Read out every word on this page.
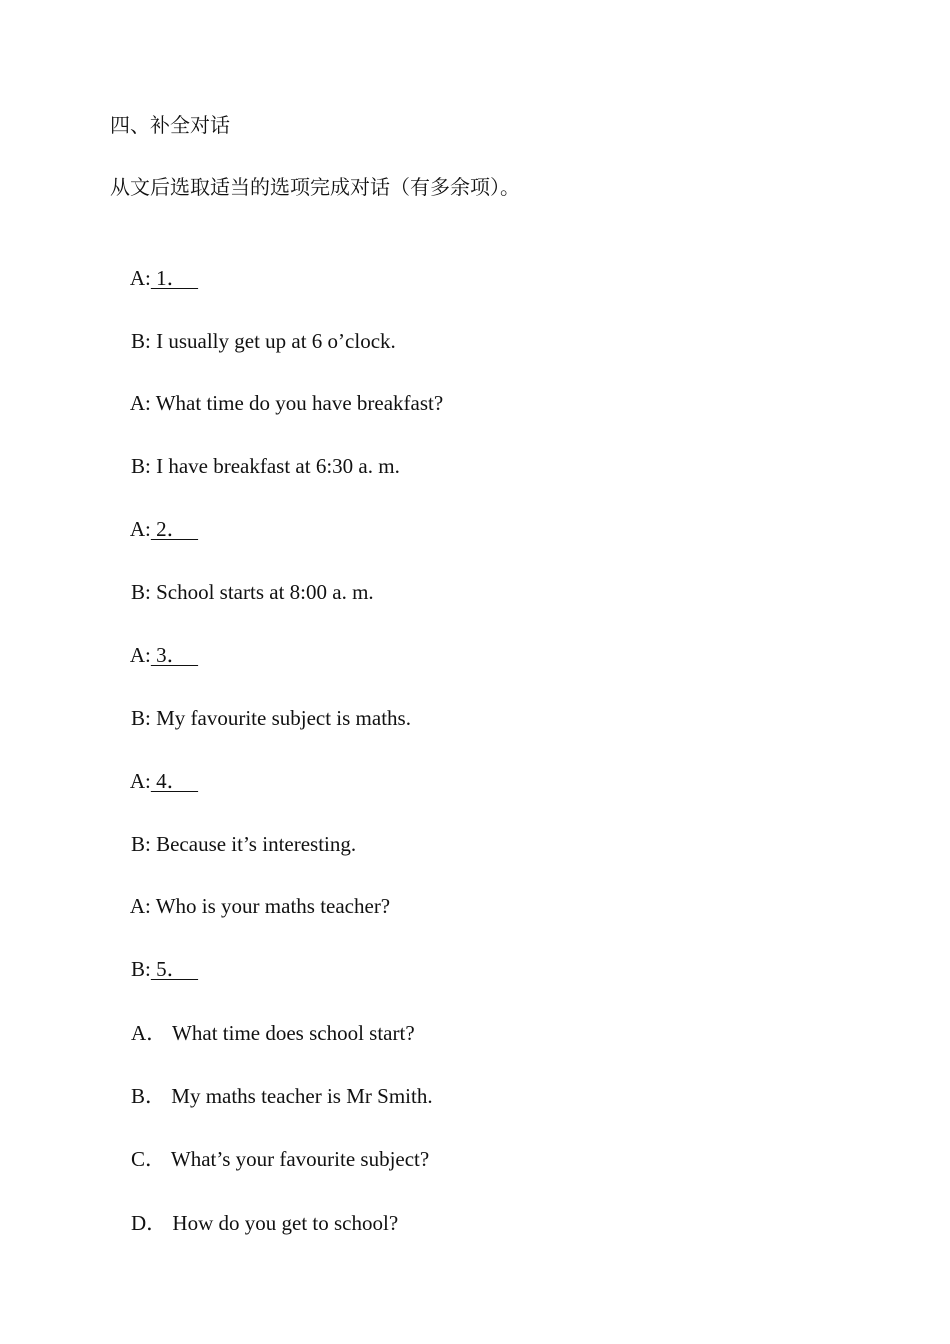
四、补全对话
从文后选取适当的选项完成对话（有多余项）。

A: 1．

B: I usually get up at 6 o’clock.

A: What time do you have breakfast?

B: I have breakfast at 6:30 a. m.

A: 2．

B: School starts at 8:00 a. m.

A: 3．

B: My favourite subject is maths.

A: 4．

B: Because it’s interesting.

A: Who is your maths teacher?

B: 5．

A． What time does school start?

B． My maths teacher is Mr Smith.

C． What’s your favourite subject?

D． How do you get to school?
